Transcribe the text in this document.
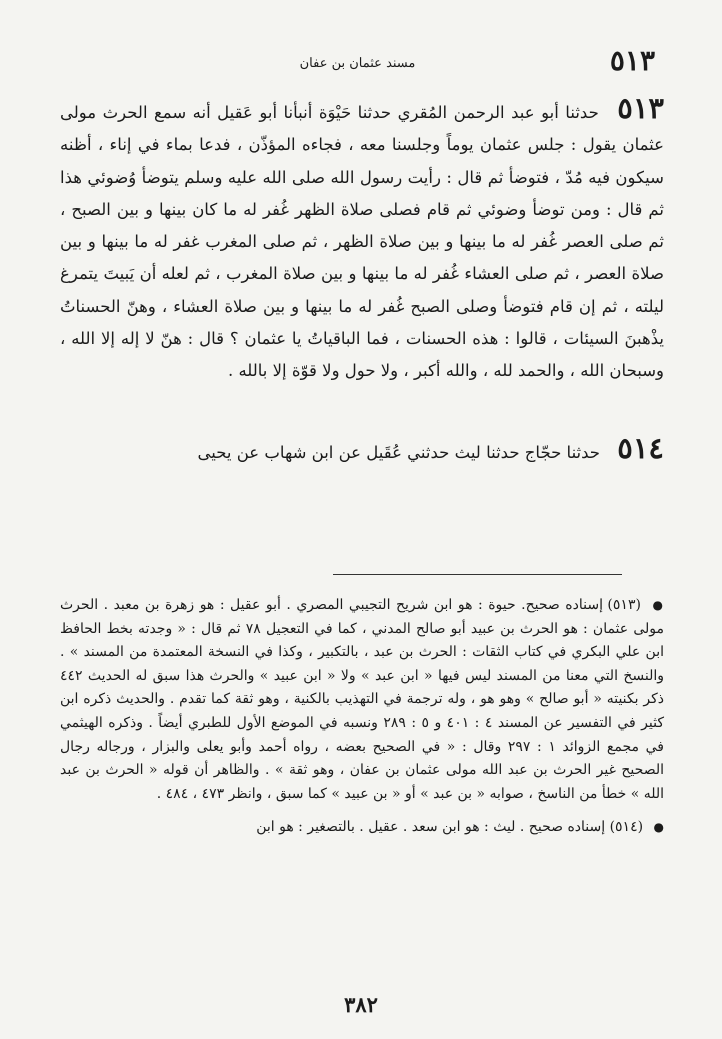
٥١٣
مسند عثمان بن عفان

٥١٣ حدثنا أبو عبد الرحمن المُقري حدثنا حَيْوَة أنبأنا أبو عَقيل أنه سمع الحرث مولى عثمان يقول : جلس عثمان يوماً وجلسنا معه ، فجاءه المؤذّن ، فدعا بماء في إناء ، أظنه سيكون فيه مُدّ ، فتوضأ ثم قال : رأيت رسول الله صلى الله عليه وسلم يتوضأ وُضوئي هذا ثم قال : ومن توضأ وضوئي ثم قام فصلى صلاة الظهر غُفر له ما كان بينها و بين الصبح ، ثم صلى العصر غُفر له ما بينها و بين صلاة الظهر ، ثم صلى المغرب غفر له ما بينها و بين صلاة العصر ، ثم صلى العشاء غُفر له ما بينها و بين صلاة المغرب ، ثم لعله أن يَبيتَ يتمرغ ليلته ، ثم إن قام فتوضأ وصلى الصبح غُفر له ما بينها و بين صلاة العشاء ، وهنّ الحسناتُ يذْهبنَ السيئات ، قالوا : هذه الحسنات ، فما الباقياتُ يا عثمان ؟ قال : هنّ لا إله إلا الله ، وسبحان الله ، والحمد لله ، والله أكبر ، ولا حول ولا قوّة إلا بالله .

٥١٤ حدثنا حجّاج حدثنا ليث حدثني عُقَيل عن ابن شهاب عن يحيى

● (٥١٣) إسناده صحيح. حيوة : هو ابن شريح التجيبي المصري . أبو عقيل : هو زهرة بن معبد . الحرث مولى عثمان : هو الحرث بن عبيد أبو صالح المدني ، كما في التعجيل ٧٨ ثم قال : « وجدته بخط الحافظ ابن علي البكري في كتاب الثقات : الحرث بن عبد ، بالتكبير ، وكذا في النسخة المعتمدة من المسند » . والنسخ التي معنا من المسند ليس فيها « ابن عبد » ولا « ابن عبيد » والحرث هذا سبق له الحديث ٤٤٢ ذكر بكنيته « أبو صالح » وهو هو ، وله ترجمة في التهذيب بالكنية ، وهو ثقة كما تقدم . والحديث ذكره ابن كثير في التفسير عن المسند ٤ : ٤٠١ و ٥ : ٢٨٩ ونسبه في الموضع الأول للطبري أيضاً . وذكره الهيثمي في مجمع الزوائد ١ : ٢٩٧ وقال : « في الصحيح بعضه ، رواه أحمد وأبو يعلى والبزار ، ورجاله رجال الصحيح غير الحرث بن عبد الله مولى عثمان بن عفان ، وهو ثقة » . والظاهر أن قوله « الحرث بن عبد الله » خطأ من الناسخ ، صوابه « بن عبد » أو « بن عبيد » كما سبق ، وانظر ٤٧٣ ، ٤٨٤ .

● (٥١٤) إسناده صحيح . ليث : هو ابن سعد . عقيل . بالتصغير : هو ابن

٣٨٢
